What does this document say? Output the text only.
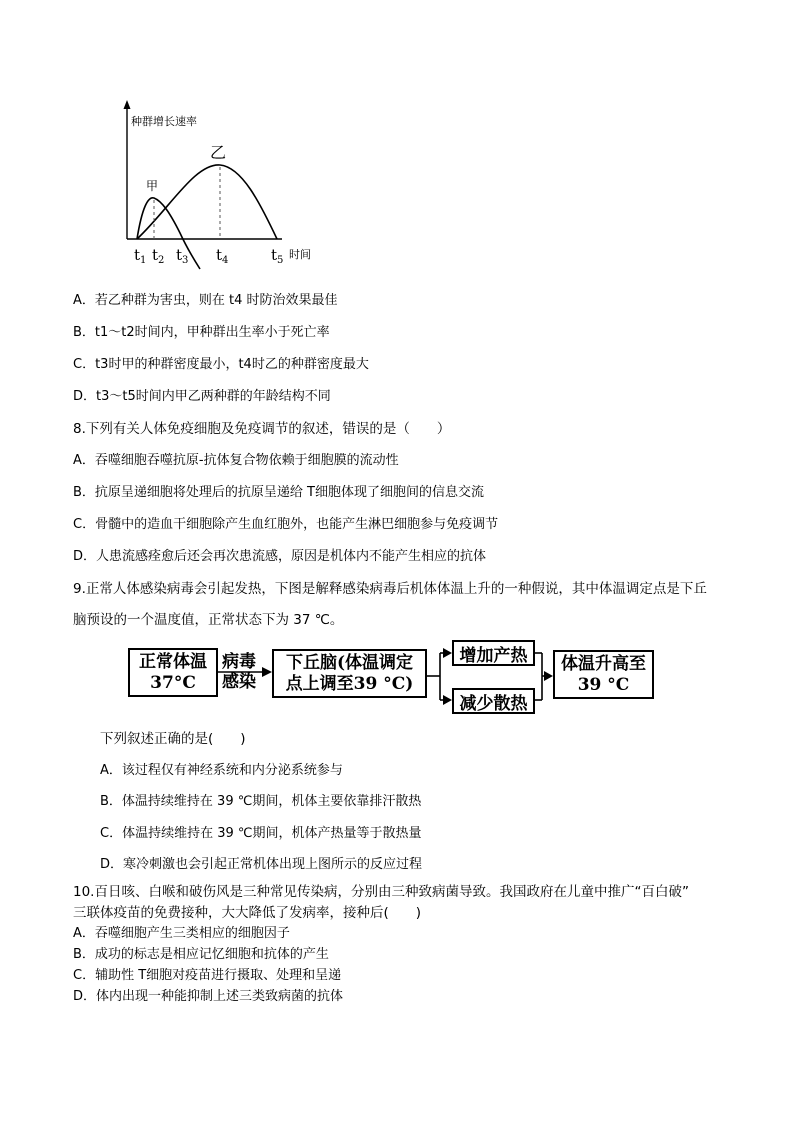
种群增长速率
时间
甲
乙
$t_1$ $t_2$ $t_3$ $t_4$	$t_5$
A．若乙种群为害虫，则在 t4 时防治效果最佳
B．t1～t2时间内，甲种群出生率小于死亡率
C．t3时甲的种群密度最小，t4时乙的种群密度最大
D．t3～t5时间内甲乙两种群的年龄结构不同
8.下列有关人体免疫细胞及免疫调节的叙述，错误的是（　　）
A．吞噬细胞吞噬抗原-抗体复合物依赖于细胞膜的流动性
B．抗原呈递细胞将处理后的抗原呈递给 T细胞体现了细胞间的信息交流
C．骨髓中的造血干细胞除产生血红胞外，也能产生淋巴细胞参与免疫调节
D．人患流感痊愈后还会再次患流感，原因是机体内不能产生相应的抗体
9.正常人体感染病毒会引起发热，下图是解释感染病毒后机体体温上升的一种假说，其中体温调定点是下丘
脑预设的一个温度值，正常状态下为 37 ℃。
正常体温
37°C
病毒
感染
下丘脑(体温调定
点上调至39 °C)
增加产热
减少散热
体温升高至
39 °C
下列叙述正确的是(　　)
A．该过程仅有神经系统和内分泌系统参与
B．体温持续维持在 39 ℃期间，机体主要依靠排汗散热
C．体温持续维持在 39 ℃期间，机体产热量等于散热量
D．寒冷刺激也会引起正常机体出现上图所示的反应过程
10.百日咳、白喉和破伤风是三种常见传染病，分别由三种致病菌导致。我国政府在儿童中推广“百白破”
三联体疫苗的免费接种，大大降低了发病率，接种后(　　)
A．吞噬细胞产生三类相应的细胞因子
B．成功的标志是相应记忆细胞和抗体的产生
C．辅助性 T细胞对疫苗进行摄取、处理和呈递
D．体内出现一种能抑制上述三类致病菌的抗体
